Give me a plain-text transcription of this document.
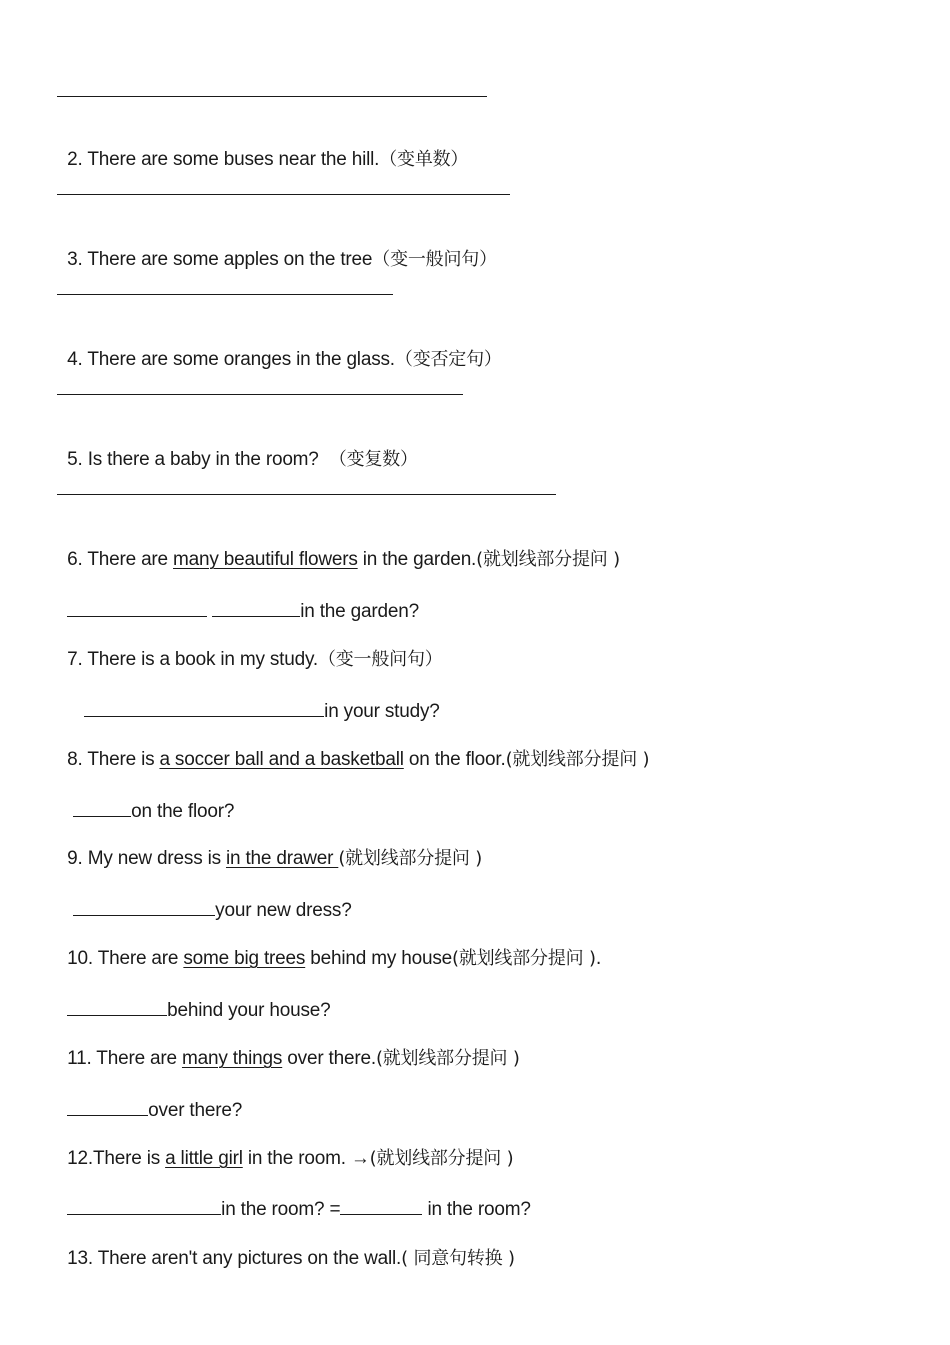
2. There are some buses near the hill.（变单数）

3. There are some apples on the tree（变一般问句）

4. There are some oranges in the glass.（变否定句）

5. Is there a baby in the room? （变复数）

6. There are many beautiful flowers in the garden.(就划线部分提问 )

in the garden?

7. There is a book in my study.（变一般问句）

in your study?

8. There is a soccer ball and a basketball on the floor.(就划线部分提问 )

on the floor?

9. My new dress is in the drawer (就划线部分提问 )

your new dress?

10. There are some big trees behind my house(就划线部分提问 ).

behind your house?

11. There are many things over there.(就划线部分提问 )

over there?

12.There is a little girl in the room. →(就划线部分提问 )

in the room? =	in the room?

13. There aren't any pictures on the wall.( 同意句转换 )
